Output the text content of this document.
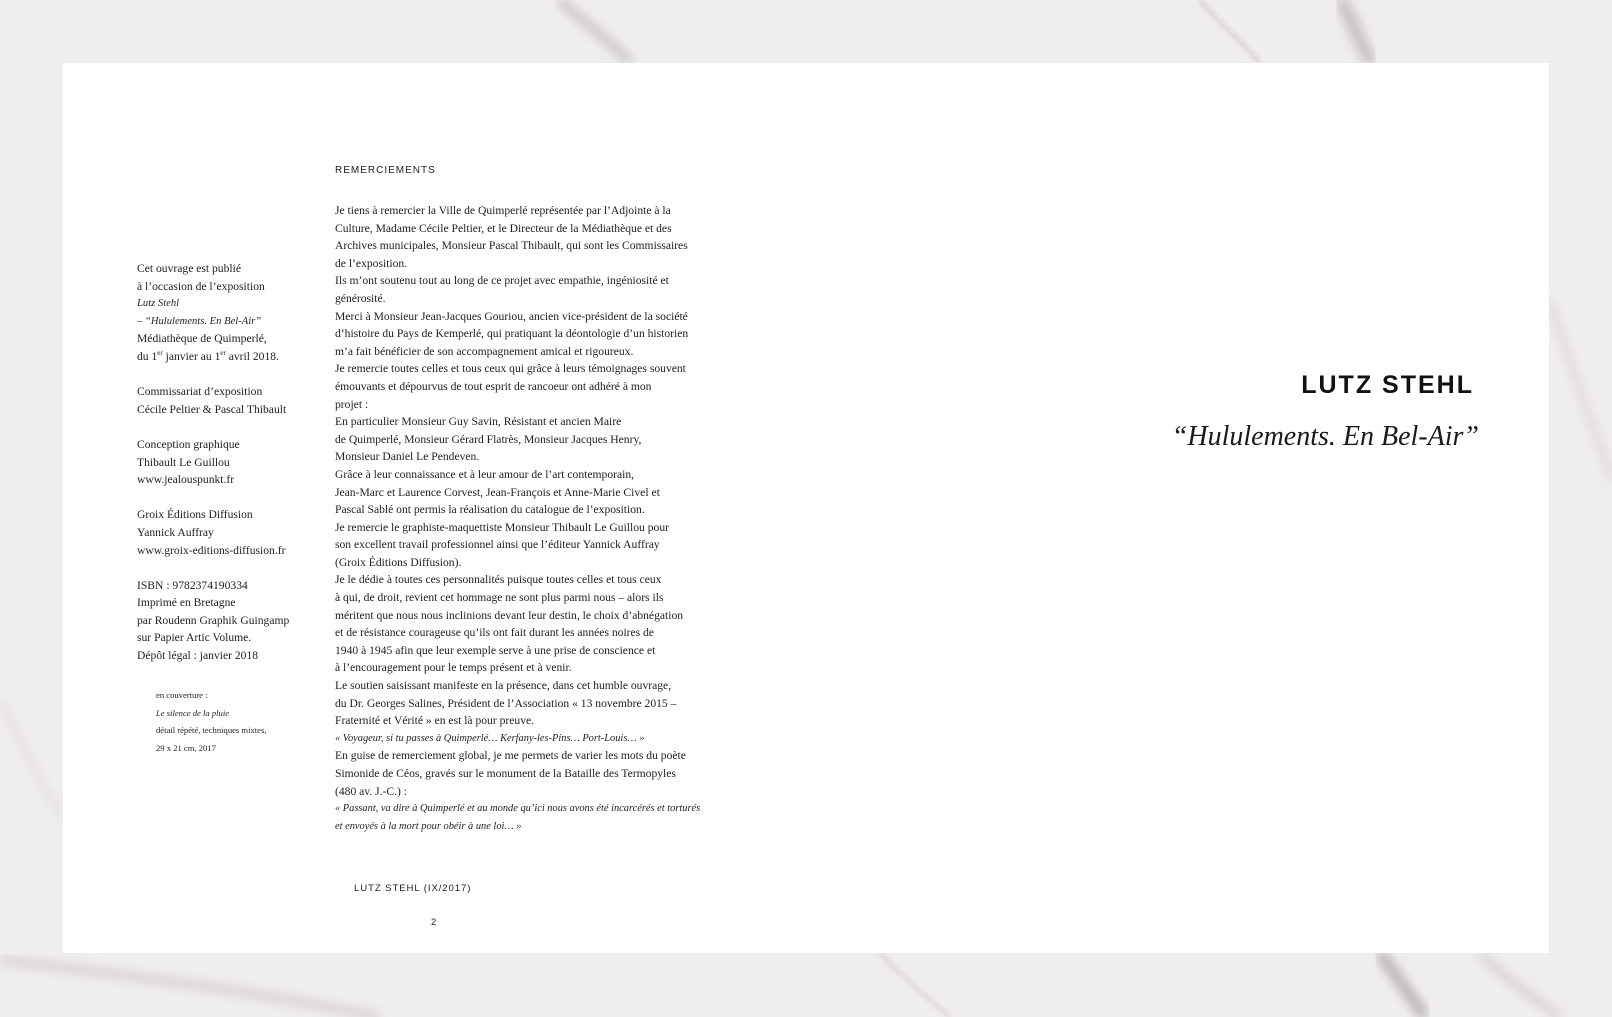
Cet ouvrage est publié
à l’occasion de l’exposition
Lutz Stehl
– “Hululements. En Bel-Air”
Médiathèque de Quimperlé,
du 1er janvier au 1er avril 2018.

Commissariat d’exposition
Cécile Peltier & Pascal Thibault

Conception graphique
Thibault Le Guillou
www.jealouspunkt.fr

Groix Éditions Diffusion
Yannick Auffray
www.groix-editions-diffusion.fr

ISBN : 9782374190334
Imprimé en Bretagne
par Roudenn Graphik Guingamp
sur Papier Artic Volume.
Dépôt légal : janvier 2018

en couverture :
Le silence de la pluie
détail répété, techniques mixtes,
29 x 21 cm, 2017
REMERCIEMENTS
Je tiens à remercier la Ville de Quimperlé représentée par l’Adjointe à la
Culture, Madame Cécile Peltier, et le Directeur de la Médiathèque et des
Archives municipales, Monsieur Pascal Thibault, qui sont les Commissaires
de l’exposition.
Ils m’ont soutenu tout au long de ce projet avec empathie, ingéniosité et
générosité.
Merci à Monsieur Jean-Jacques Gouriou, ancien vice-président de la société
d’histoire du Pays de Kemperlé, qui pratiquant la déontologie d’un historien
m’a fait bénéficier de son accompagnement amical et rigoureux.
Je remercie toutes celles et tous ceux qui grâce à leurs témoignages souvent
émouvants et dépourvus de tout esprit de rancoeur ont adhéré à mon
projet :
En particulier Monsieur Guy Savin, Résistant et ancien Maire
de Quimperlé, Monsieur Gérard Flatrès, Monsieur Jacques Henry,
Monsieur Daniel Le Pendeven.
Grâce à leur connaissance et à leur amour de l’art contemporain,
Jean-Marc et Laurence Corvest, Jean-François et Anne-Marie Civel et
Pascal Sablé ont permis la réalisation du catalogue de l’exposition.
Je remercie le graphiste-maquettiste Monsieur Thibault Le Guillou pour
son excellent travail professionnel ainsi que l’éditeur Yannick Auffray
(Groix Éditions Diffusion).
Je le dédie à toutes ces personnalités puisque toutes celles et tous ceux
à qui, de droit, revient cet hommage ne sont plus parmi nous – alors ils
méritent que nous nous inclinions devant leur destin, le choix d’abnégation
et de résistance courageuse qu’ils ont fait durant les années noires de
1940 à 1945 afin que leur exemple serve à une prise de conscience et
à l’encouragement pour le temps présent et à venir.
Le soutien saisissant manifeste en la présence, dans cet humble ouvrage,
du Dr. Georges Salines, Président de l’Association « 13 novembre 2015 –
Fraternité et Vérité » en est là pour preuve.
« Voyageur, si tu passes à Quimperlé… Kerfany-les-Pins… Port-Louis… »
En guise de remerciement global, je me permets de varier les mots du poète
Simonide de Céos, gravés sur le monument de la Bataille des Termopyles
(480 av. J.-C.) :
« Passant, va dire à Quimperlé et au monde qu’ici nous avons été incarcérés et torturés
et envoyés à la mort pour obéir à une loi… »
LUTZ STEHL (IX/2017)
2
LUTZ STEHL
“Hululements. En Bel-Air”
